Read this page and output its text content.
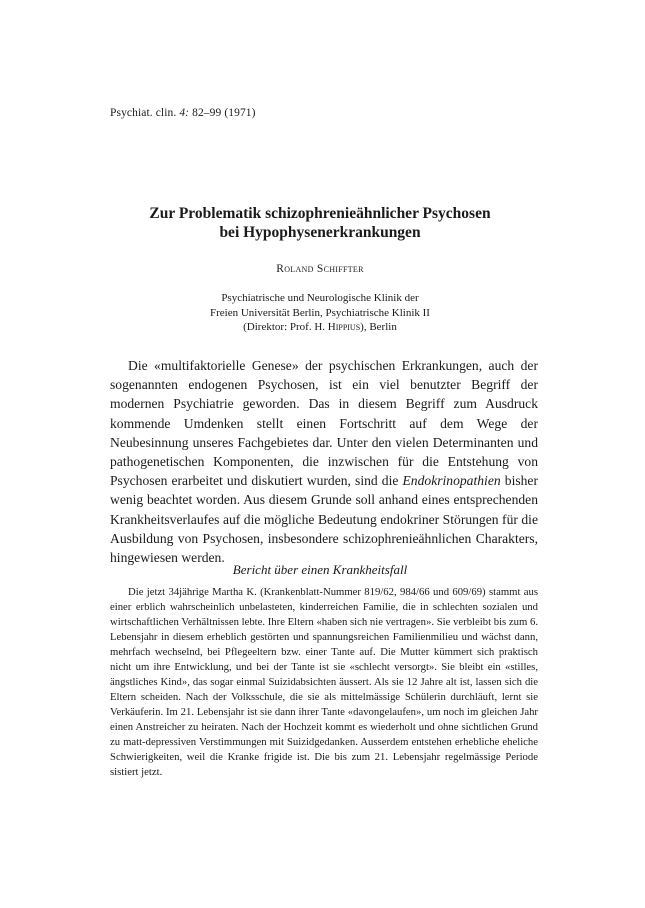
Psychiat. clin. 4: 82–99 (1971)
Zur Problematik schizophrenieähnlicher Psychosen
bei Hypophysenerkrankungen
Roland Schiffter
Psychiatrische und Neurologische Klinik der
Freien Universität Berlin, Psychiatrische Klinik II
(Direktor: Prof. H. Hippius), Berlin

Die «multifaktorielle Genese» der psychischen Erkrankungen, auch der sogenannten endogenen Psychosen, ist ein viel benutzter Begriff der modernen Psychiatrie geworden. Das in diesem Begriff zum Ausdruck kommende Umdenken stellt einen Fortschritt auf dem Wege der Neubesinnung unseres Fachgebietes dar. Unter den vielen Determinanten und pathogenetischen Komponenten, die inzwischen für die Entstehung von Psychosen erarbeitet und diskutiert wurden, sind die Endokrinopathien bisher wenig beachtet worden. Aus diesem Grunde soll anhand eines entsprechenden Krankheitsverlaufes auf die mögliche Bedeutung endokriner Störungen für die Ausbildung von Psychosen, insbesondere schizophrenieähnlichen Charakters, hingewiesen werden.

Bericht über einen Krankheitsfall

Die jetzt 34jährige Martha K. (Krankenblatt-Nummer 819/62, 984/66 und 609/69) stammt aus einer erblich wahrscheinlich unbelasteten, kinderreichen Familie, die in schlechten sozialen und wirtschaftlichen Verhältnissen lebte. Ihre Eltern «haben sich nie vertragen». Sie verbleibt bis zum 6. Lebensjahr in diesem erheblich gestörten und spannungsreichen Familienmilieu und wächst dann, mehrfach wechselnd, bei Pflegeeltern bzw. einer Tante auf. Die Mutter kümmert sich praktisch nicht um ihre Entwicklung, und bei der Tante ist sie «schlecht versorgt». Sie bleibt ein «stilles, ängstliches Kind», das sogar einmal Suizidabsichten äussert. Als sie 12 Jahre alt ist, lassen sich die Eltern scheiden. Nach der Volksschule, die sie als mittelmässige Schülerin durchläuft, lernt sie Verkäuferin. Im 21. Lebensjahr ist sie dann ihrer Tante «davongelaufen», um noch im gleichen Jahr einen Anstreicher zu heiraten. Nach der Hochzeit kommt es wiederholt und ohne sichtlichen Grund zu matt-depressiven Verstimmungen mit Suizidgedanken. Ausserdem entstehen erhebliche eheliche Schwierigkeiten, weil die Kranke frigide ist. Die bis zum 21. Lebensjahr regelmässige Periode sistiert jetzt.
